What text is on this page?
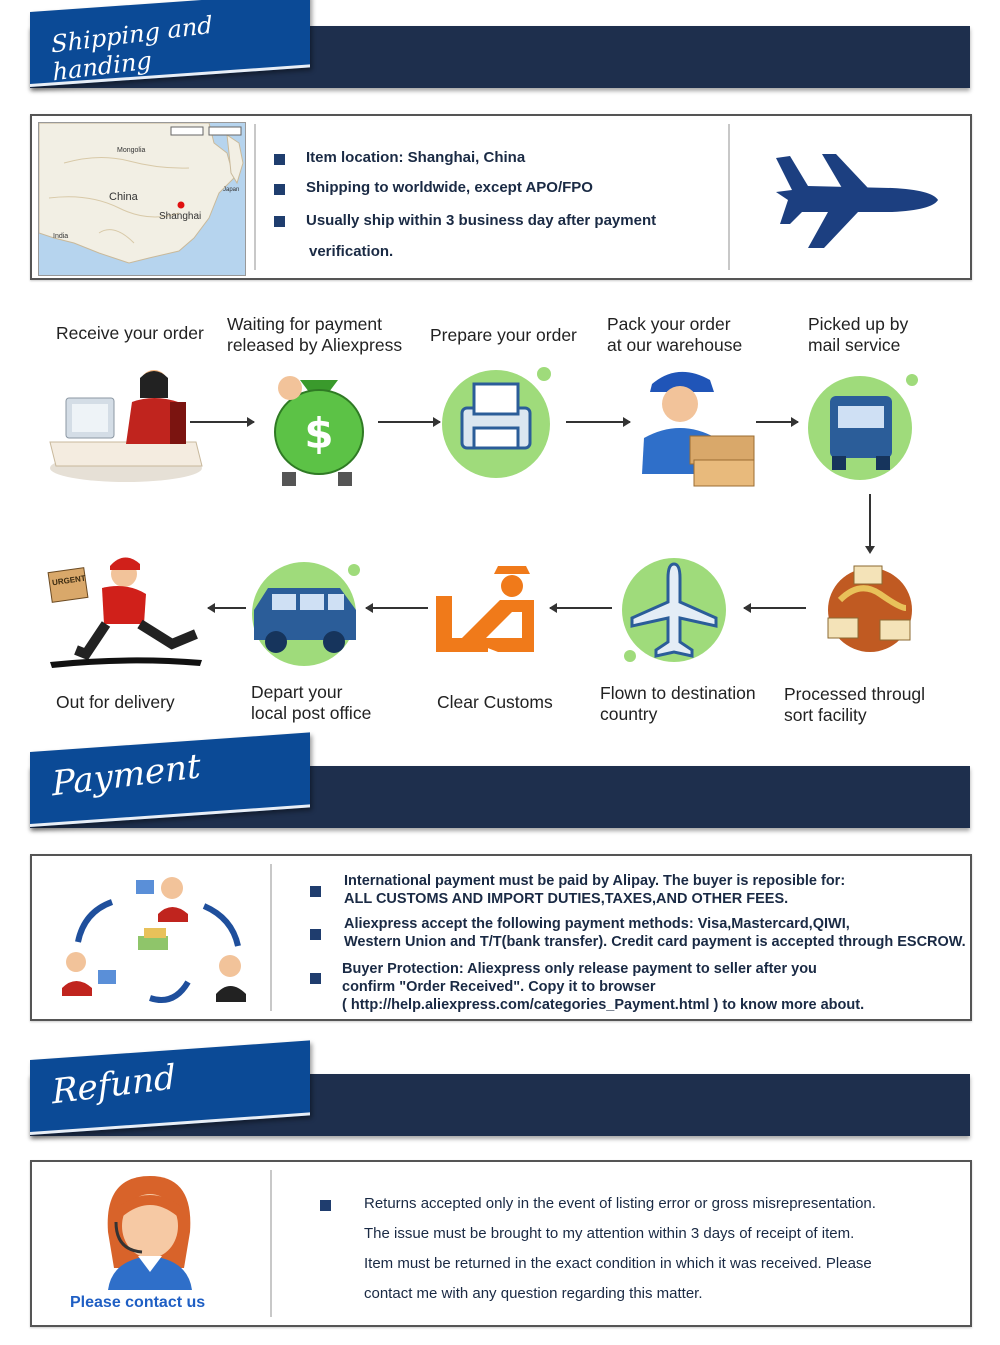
Shipping and handing
Mongolia
China
Shanghai
India
Japan
Item location: Shanghai, China
Shipping to worldwide, except APO/FPO
Usually ship within 3 business day after payment
verification.
Receive your order Waiting for payment
released by Aliexpress
$
Prepare your order
Pack your order
at our warehouse
Picked up by
mail service
Processed througl
sort facility
Flown to destination
country
Clear Customs
Depart your
local post office
URGENT
Out for delivery
Payment
International payment must be paid by Alipay. The buyer is reposible for:
ALL CUSTOMS AND IMPORT DUTIES,TAXES,AND OTHER FEES.
Aliexpress accept the following payment methods: Visa,Mastercard,QIWI,
Western Union and T/T(bank transfer). Credit card payment is accepted through ESCROW.
Buyer Protection: Aliexpress only release payment to seller after you
confirm "Order Received". Copy it to browser
( http://help.aliexpress.com/categories_Payment.html ) to know more about.
Refund
Please contact us
Returns accepted only in the event of listing error or gross misrepresentation.
The issue must be brought to my attention within 3 days of receipt of item.
Item must be returned in the exact condition in which it was received. Please
contact me with any question regarding this matter.
